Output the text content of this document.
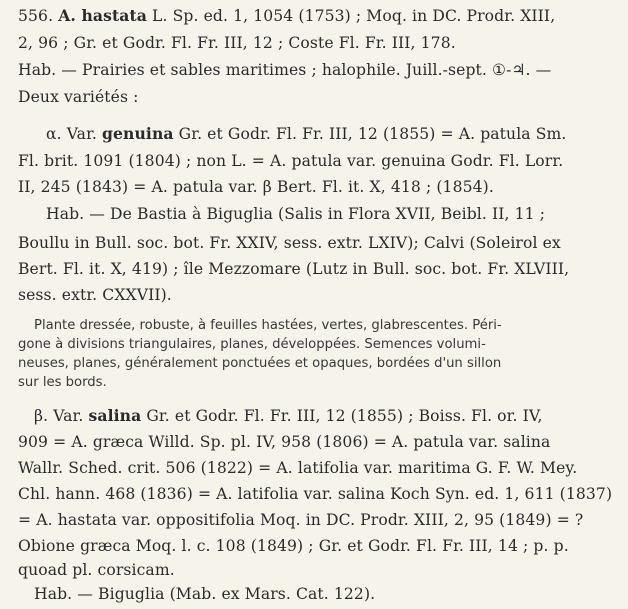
556. A. hastata L. Sp. ed. 1, 1054 (1753) ; Moq. in DC. Prodr. XIII,
2, 96 ; Gr. et Godr. Fl. Fr. III, 12 ; Coste Fl. Fr. III, 178.
Hab. — Prairies et sables maritimes ; halophile. Juill.-sept. ①-♃. —
Deux variétés :
α. Var. genuina Gr. et Godr. Fl. Fr. III, 12 (1855) = A. patula Sm.
Fl. brit. 1091 (1804) ; non L. = A. patula var. genuina Godr. Fl. Lorr.
II, 245 (1843) = A. patula var. β Bert. Fl. it. X, 418 ; (1854).
Hab. — De Bastia à Biguglia (Salis in Flora XVII, Beibl. II, 11 ;
Boullu in Bull. soc. bot. Fr. XXIV, sess. extr. LXIV); Calvi (Soleirol ex
Bert. Fl. it. X, 419) ; île Mezzomare (Lutz in Bull. soc. bot. Fr. XLVIII,
sess. extr. CXXVII).
Plante dressée, robuste, à feuilles hastées, vertes, glabrescentes. Péri-
gone à divisions triangulaires, planes, développées. Semences volumi-
neuses, planes, généralement ponctuées et opaques, bordées d'un sillon
sur les bords.
β. Var. salina Gr. et Godr. Fl. Fr. III, 12 (1855) ; Boiss. Fl. or. IV,
909 = A. græca Willd. Sp. pl. IV, 958 (1806) = A. patula var. salina
Wallr. Sched. crit. 506 (1822) = A. latifolia var. maritima G. F. W. Mey.
Chl. hann. 468 (1836) = A. latifolia var. salina Koch Syn. ed. 1, 611 (1837)
= A. hastata var. oppositifolia Moq. in DC. Prodr. XIII, 2, 95 (1849) = ?
Obione græca Moq. l. c. 108 (1849) ; Gr. et Godr. Fl. Fr. III, 14 ; p. p.
quoad pl. corsicam.
Hab. — Biguglia (Mab. ex Mars. Cat. 122).
